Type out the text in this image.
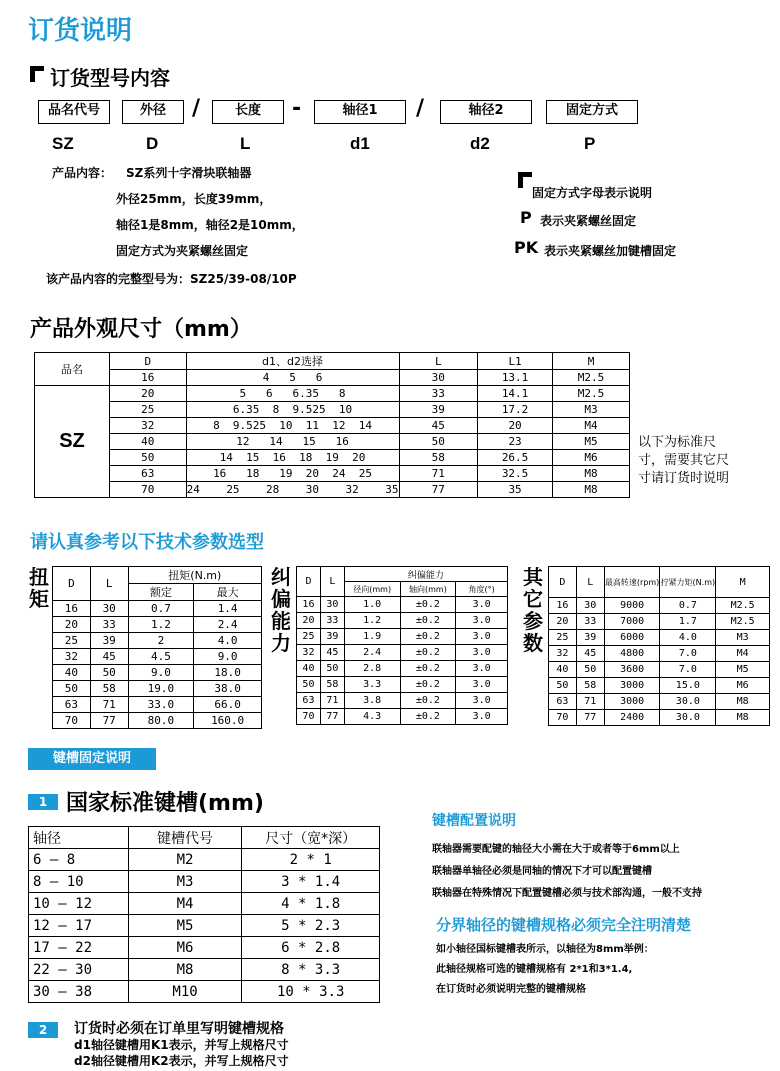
订货说明
订货型号内容
品名代号	外径	/	长度	-	轴径1	/	轴径2	固定方式
SZ	D	L	d1	d2	P
产品内容： SZ系列十字滑块联轴器
外径25mm，长度39mm，
轴径1是8mm，轴径2是10mm，
固定方式为夹紧螺丝固定
该产品内容的完整型号为：SZ25/39-08/10P
固定方式字母表示说明
P 表示夹紧螺丝固定
PK 表示夹紧螺丝加键槽固定
产品外观尺寸（mm）
品名	D	d1、d2选择	L	L1	M
	16	4   5   6	30	13.1	M2.5
SZ	20	5   6   6.35   8	33	14.1	M2.5
	25	6.35  8  9.525  10	39	17.2	M3
	32	8  9.525  10  11  12  14	45	20	M4
	40	12   14   15   16	50	23	M5
	50	14  15  16  18  19  20	58	26.5	M6
	63	16   18   19  20  24  25	71	32.5	M8
	70	24    25    28    30    32    35	77	35	M8
以下为标准尺寸，需要其它尺寸请订货时说明
请认真参考以下技术参数选型
扭矩
D	L	扭矩(N.m)	
		额定	最大
16	30	0.7	1.4
20	33	1.2	2.4
25	39	2	4.0
32	45	4.5	9.0
40	50	9.0	18.0
50	58	19.0	38.0
63	71	33.0	66.0
70	77	80.0	160.0
纠偏能力
D	L	纠偏能力		
		径向(mm)	轴向(mm)	角度(°)
16	30	1.0	±0.2	3.0
20	33	1.2	±0.2	3.0
25	39	1.9	±0.2	3.0
32	45	2.4	±0.2	3.0
40	50	2.8	±0.2	3.0
50	58	3.3	±0.2	3.0
63	71	3.8	±0.2	3.0
70	77	4.3	±0.2	3.0
其它参数
D	L	最高转速(rpm)	拧紧力矩(N.m)	M
16	30	9000	0.7	M2.5
20	33	7000	1.7	M2.5
25	39	6000	4.0	M3
32	45	4800	7.0	M4
40	50	3600	7.0	M5
50	58	3000	15.0	M6
63	71	3000	30.0	M8
70	77	2400	30.0	M8
键槽固定说明
1 国家标准键槽(mm)
轴径	键槽代号	尺寸（宽*深）
6 — 8	M2	2 * 1
8 — 10	M3	3 * 1.4
10 — 12	M4	4 * 1.8
12 — 17	M5	5 * 2.3
17 — 22	M6	6 * 2.8
22 — 30	M8	8 * 3.3
30 — 38	M10	10 * 3.3
键槽配置说明
联轴器需要配键的轴径大小需在大于或者等于6mm以上
联轴器单轴径必须是同轴的情况下才可以配置键槽
联轴器在特殊情况下配置键槽必须与技术部沟通，一般不支持
分界轴径的键槽规格必须完全注明清楚
如小轴径国标键槽表所示，以轴径为8mm举例：
此轴径规格可选的键槽规格有 2*1和3*1.4,
在订货时必须说明完整的键槽规格
2	订货时必须在订单里写明键槽规格
d1轴径键槽用K1表示，并写上规格尺寸
d2轴径键槽用K2表示，并写上规格尺寸
